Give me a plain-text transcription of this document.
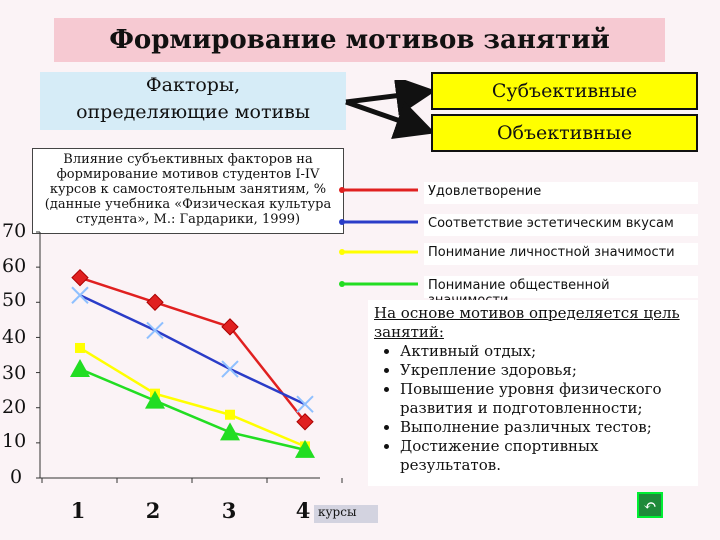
Формирование мотивов занятий
Факторы,
определяющие мотивы
Субъективные
Объективные
Влияние субъективных факторов на формирование мотивов студентов I-IV курсов к самостоятельным занятиям, % (данные учебника «Физическая культура студента», М.: Гардарики, 1999)
Удовлетворение
Соответствие эстетическим вкусам
Понимание личностной значимости
Понимание общественной
70
60
50
40
30
20
10
0
1	2	3	4 курсы

На основе мотивов определяется цель занятий:

• Активный отдых;
• Укрепление здоровья;
• Повышение уровня физического развития и подготовленности;
• Выполнение различных тестов;
• Достижение спортивных результатов.
↶
